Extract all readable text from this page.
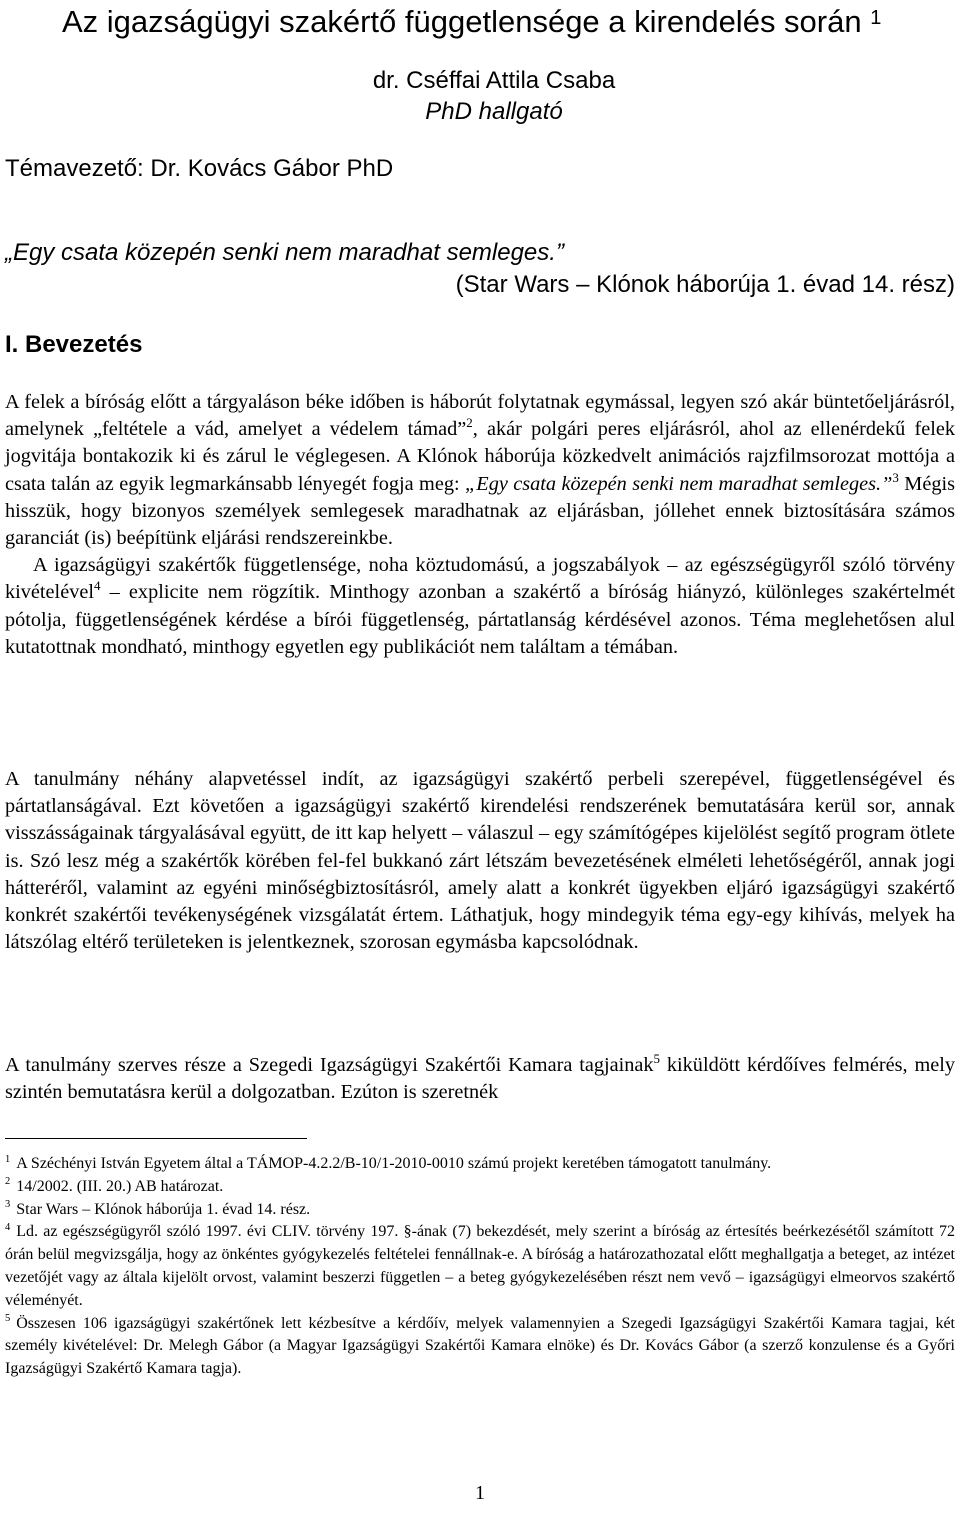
Az igazságügyi szakértő függetlensége a kirendelés során $^1$
dr. Cséffai Attila Csaba
PhD hallgató
Témavezető: Dr. Kovács Gábor PhD
„Egy csata közepén senki nem maradhat semleges.”
(Star Wars – Klónok háborúja 1. évad 14. rész)
I. Bevezetés

A felek a bíróság előtt a tárgyaláson béke időben is háborút folytatnak egymással, legyen szó akár büntetőeljárásról, amelynek „feltétele a vád, amelyet a védelem támad”$^2$, akár polgári peres eljárásról, ahol az ellenérdekű felek jogvitája bontakozik ki és zárul le véglegesen. A Klónok háborúja közkedvelt animációs rajzfilmsorozat mottója a csata talán az egyik legmarkánsabb lényegét fogja meg: „Egy csata közepén senki nem maradhat semleges.”$^3$ Mégis hisszük, hogy bizonyos személyek semlegesek maradhatnak az eljárásban, jóllehet ennek biztosítására számos garanciát (is) beépítünk eljárási rendszereinkbe.

A igazságügyi szakértők függetlensége, noha köztudomású, a jogszabályok – az egészségügyről szóló törvény kivételével$^4$ – explicite nem rögzítik. Minthogy azonban a szakértő a bíróság hiányzó, különleges szakértelmét pótolja, függetlenségének kérdése a bírói függetlenség, pártatlanság kérdésével azonos. Téma meglehetősen alul kutatottnak mondható, minthogy egyetlen egy publikációt nem találtam a témában.

A tanulmány néhány alapvetéssel indít, az igazságügyi szakértő perbeli szerepével, függetlenségével és pártatlanságával. Ezt követően a igazságügyi szakértő kirendelési rendszerének bemutatására kerül sor, annak visszásságainak tárgyalásával együtt, de itt kap helyett – válaszul – egy számítógépes kijelölést segítő program ötlete is. Szó lesz még a szakértők körében fel-fel bukkanó zárt létszám bevezetésének elméleti lehetőségéről, annak jogi hátteréről, valamint az egyéni minőségbiztosításról, amely alatt a konkrét ügyekben eljáró igazságügyi szakértő konkrét szakértői tevékenységének vizsgálatát értem. Láthatjuk, hogy mindegyik téma egy-egy kihívás, melyek ha látszólag eltérő területeken is jelentkeznek, szorosan egymásba kapcsolódnak.

A tanulmány szerves része a Szegedi Igazságügyi Szakértői Kamara tagjainak$^5$ kiküldött kérdőíves felmérés, mely szintén bemutatásra kerül a dolgozatban. Ezúton is szeretnék

$^1$ A Széchényi István Egyetem által a TÁMOP-4.2.2/B-10/1-2010-0010 számú projekt keretében támogatott tanulmány.

$^2$ 14/2002. (III. 20.) AB határozat.

$^3$ Star Wars – Klónok háborúja 1. évad 14. rész.

$^4$ Ld. az egészségügyről szóló 1997. évi CLIV. törvény 197. §-ának (7) bekezdését, mely szerint a bíróság az értesítés beérkezésétől számított 72 órán belül megvizsgálja, hogy az önkéntes gyógykezelés feltételei fennállnak-e. A bíróság a határozathozatal előtt meghallgatja a beteget, az intézet vezetőjét vagy az általa kijelölt orvost, valamint beszerzi független – a beteg gyógykezelésében részt nem vevő – igazságügyi elmeorvos szakértő véleményét.

$^5$ Összesen 106 igazságügyi szakértőnek lett kézbesítve a kérdőív, melyek valamennyien a Szegedi Igazságügyi Szakértői Kamara tagjai, két személy kivételével: Dr. Melegh Gábor (a Magyar Igazságügyi Szakértői Kamara elnöke) és Dr. Kovács Gábor (a szerző konzulense és a Győri Igazságügyi Szakértő Kamara tagja).

1
